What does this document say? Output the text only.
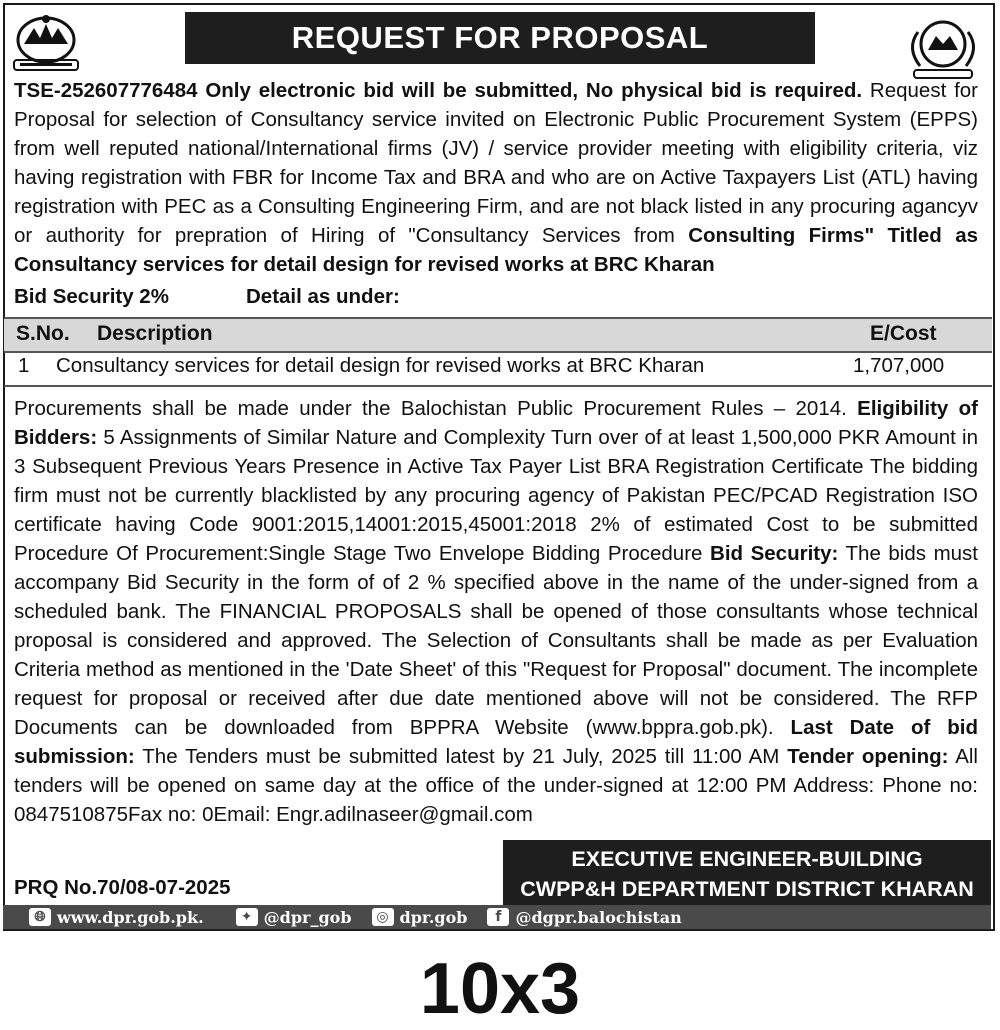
REQUEST FOR PROPOSAL

TSE-252607776484 Only electronic bid will be submitted, No physical bid is required. Request for Proposal for selection of Consultancy service invited on Electronic Public Procurement System (EPPS) from well reputed national/International firms (JV) / service provider meeting with eligibility criteria, viz having registration with FBR for Income Tax and BRA and who are on Active Taxpayers List (ATL) having registration with PEC as a Consulting Engineering Firm, and are not black listed in any procuring agancyv or authority for prepration of Hiring of "Consultancy Services from Consulting Firms" Titled as Consultancy services for detail design for revised works at BRC Kharan

Bid Security 2%	Detail as under:
S.No. Description	E/Cost
1 Consultancy services for detail design for revised works at BRC Kharan	1,707,000

Procurements shall be made under the Balochistan Public Procurement Rules – 2014. Eligibility of Bidders: 5 Assignments of Similar Nature and Complexity Turn over of at least 1,500,000 PKR Amount in 3 Subsequent Previous Years Presence in Active Tax Payer List BRA Registration Certificate The bidding firm must not be currently blacklisted by any procuring agency of Pakistan PEC/PCAD Registration ISO certificate having Code 9001:2015,14001:2015,45001:2018 2% of estimated Cost to be submitted Procedure Of Procurement:Single Stage Two Envelope Bidding Procedure Bid Security: The bids must accompany Bid Security in the form of of 2 % specified above in the name of the under-signed from a scheduled bank. The FINANCIAL PROPOSALS shall be opened of those consultants whose technical proposal is considered and approved. The Selection of Consultants shall be made as per Evaluation Criteria method as mentioned in the 'Date Sheet' of this "Request for Proposal" document. The incomplete request for proposal or received after due date mentioned above will not be considered. The RFP Documents can be downloaded from BPPRA Website (www.bppra.gob.pk). Last Date of bid submission: The Tenders must be submitted latest by 21 July, 2025 till 11:00 AM Tender opening: All tenders will be opened on same day at the office of the under-signed at 12:00 PM Address: Phone no: 0847510875Fax no: 0Email: Engr.adilnaseer@gmail.com

EXECUTIVE ENGINEER-BUILDING
CWPP&H DEPARTMENT DISTRICT KHARAN
PRQ No.70/08-07-2025
🌐︎ www.dpr.gob.pk.	✦ @dpr_gob	◎ dpr.gob	f @dgpr.balochistan
10x3
